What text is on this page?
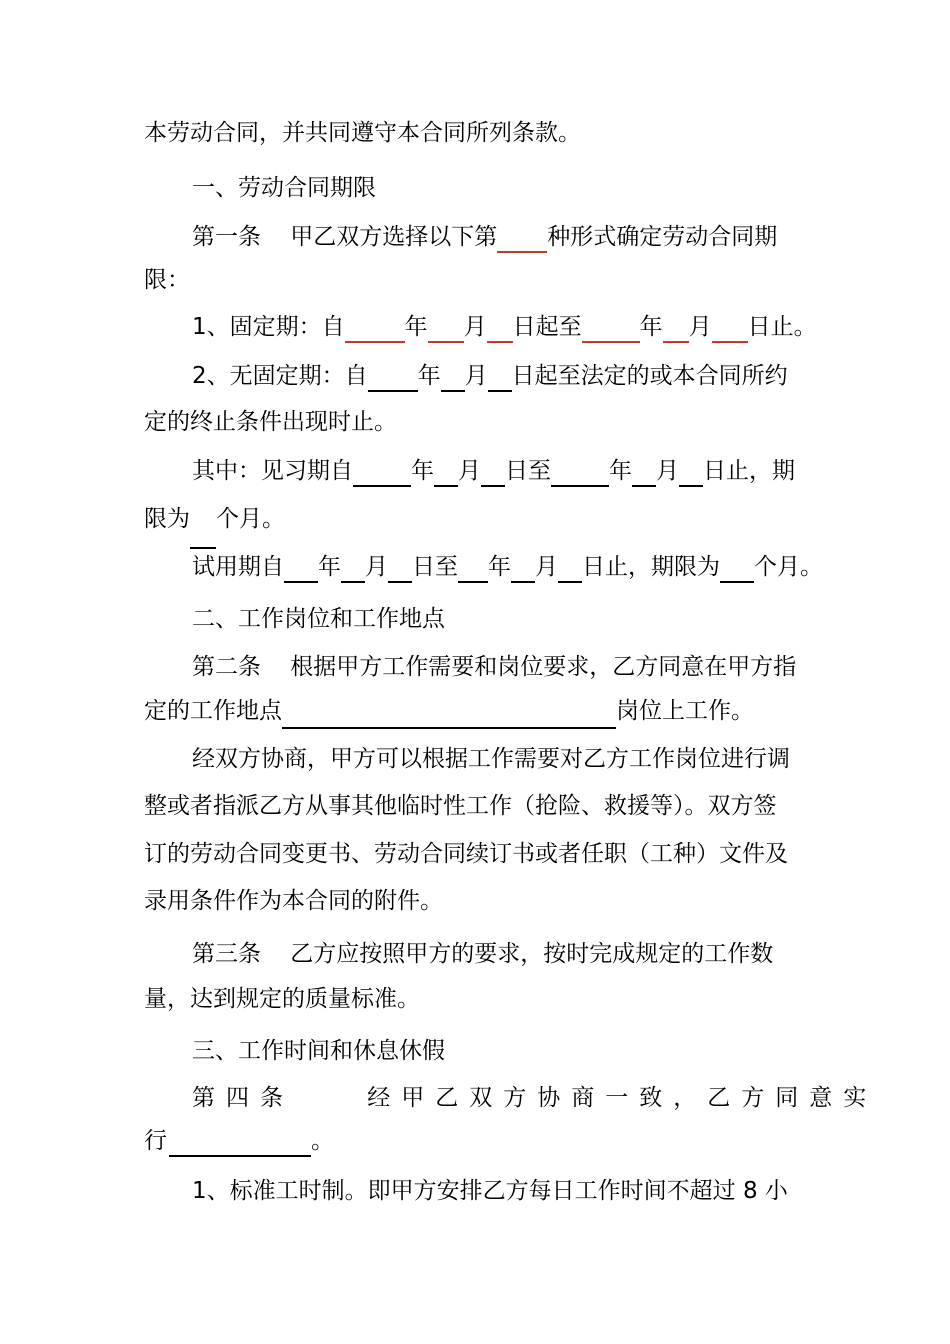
本劳动合同，并共同遵守本合同所列条款。
一、劳动合同期限
第一条    甲乙双方选择以下第 种形式确定劳动合同期
限：
1、固定期：自	年 月 日起至	年 月 日止。
2、无固定期：自 年 月 日起至法定的或本合同所约
定的终止条件出现时止。
其中：见习期自	年 月 日至	年 月 日止，期
限为 个月。
试用期自 年 月 日至 年 月 日止，期限为 个月。
二、工作岗位和工作地点
第二条    根据甲方工作需要和岗位要求，乙方同意在甲方指
定的工作地点	岗位上工作。
经双方协商，甲方可以根据工作需要对乙方工作岗位进行调
整或者指派乙方从事其他临时性工作（抢险、救援等）。双方签
订的劳动合同变更书、劳动合同续订书或者任职（工种）文件及
录用条件作为本合同的附件。
第三条    乙方应按照甲方的要求，按时完成规定的工作数
量，达到规定的质量标准。
三、工作时间和休息休假
第四条    经甲乙双方协商一致，乙方同意实
行	。
1、标准工时制。即甲方安排乙方每日工作时间不超过 8 小
